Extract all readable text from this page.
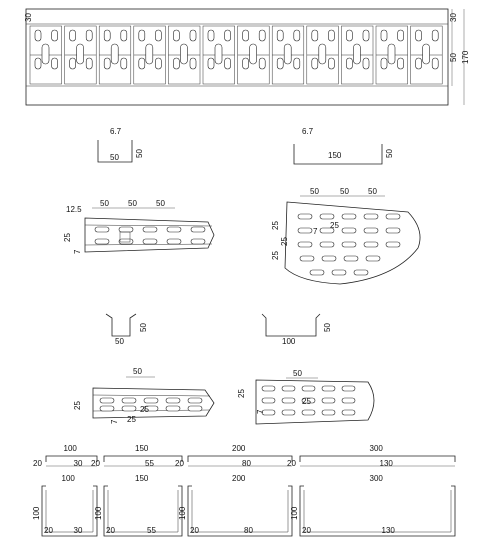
30	30
50 170
6.7
50 50
12.5
50 50 50
25
7
6.7
150	50
50	50 50
25
25
25
7
25
50
50
50
25
7
25
25
100
50
50
25
7
25
100
20	30
150
20	55
200
20	80
300
20	130
100
100
20	30
150
100
20	55
200
100
20	80
300
100
20	130
